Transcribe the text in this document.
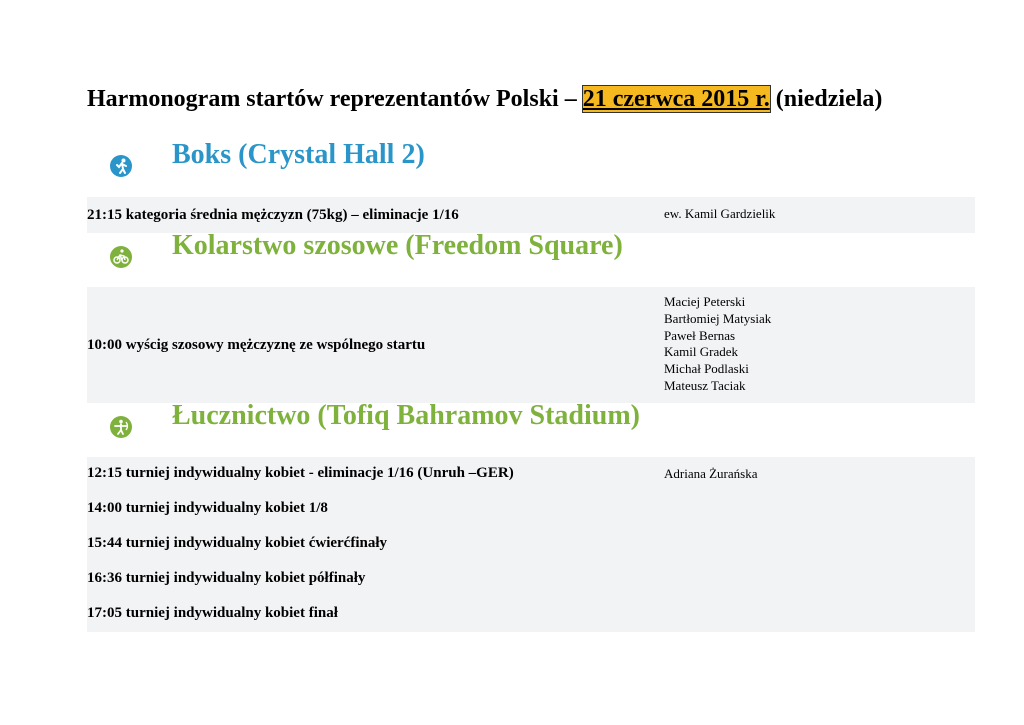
Harmonogram startów reprezentantów Polski – 21 czerwca 2015 r. (niedziela)
Boks (Crystal Hall 2)
21:15 kategoria średnia mężczyzn (75kg) – eliminacje 1/16	ew. Kamil Gardzielik
Kolarstwo szosowe (Freedom Square)
10:00 wyścig szosowy mężczyznę ze wspólnego startu
Maciej Peterski
Bartłomiej Matysiak
Paweł Bernas
Kamil Gradek
Michał Podlaski
Mateusz Taciak
Łucznictwo (Tofiq Bahramov Stadium)
12:15 turniej indywidualny kobiet - eliminacje 1/16 (Unruh –GER)	Adriana Żurańska
14:00 turniej indywidualny kobiet 1/8
15:44 turniej indywidualny kobiet ćwierćfinały
16:36 turniej indywidualny kobiet półfinały
17:05 turniej indywidualny kobiet finał
